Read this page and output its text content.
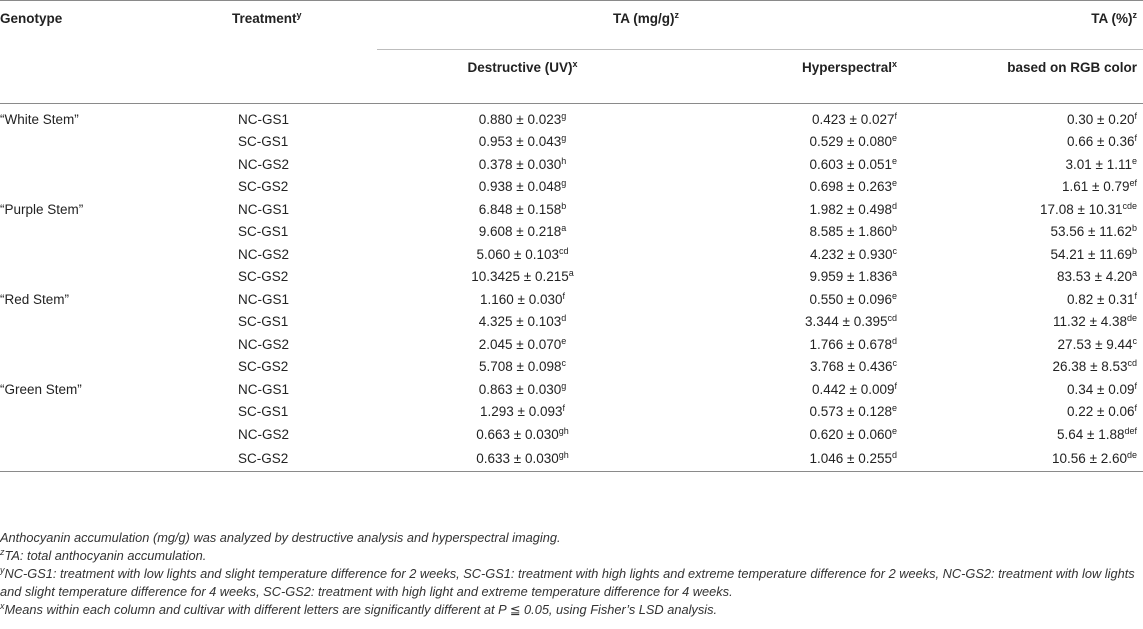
Genotype	Treatment$^y$	TA $(mg/g)^z$		TA (%)$^z$
		Destructive (UV)$^x$	Hyperspectral$^x$	based on RGB color
“White Stem”	NC-GS1	0.880 ± 0.023$^g$	0.423 ± 0.027$^f$	0.30 ± 0.20$^f$
	SC-GS1	0.953 ± 0.043$^g$	0.529 ± 0.080$^e$	0.66 ± 0.36$^f$
	NC-GS2	0.378 ± 0.030$^h$	0.603 ± 0.051$^e$	3.01 ± 1.11$^e$
	SC-GS2	0.938 ± 0.048$^g$	0.698 ± 0.263$^e$	1.61 ± 0.79$^{ef}$
“Purple Stem”	NC-GS1	6.848 ± 0.158$^b$	1.982 ± 0.498$^d$	17.08 ± 10.31$^{cde}$
	SC-GS1	9.608 ± 0.218$^a$	8.585 ± 1.860$^b$	53.56 ± 11.62$^b$
	NC-GS2	5.060 ± 0.103$^{cd}$	4.232 ± 0.930$^c$	54.21 ± 11.69$^b$
	SC-GS2	10.3425 ± 0.215$^a$	9.959 ± 1.836$^a$	83.53 ± 4.20$^a$
“Red Stem”	NC-GS1	1.160 ± 0.030$^f$	0.550 ± 0.096$^e$	0.82 ± 0.31$^f$
	SC-GS1	4.325 ± 0.103$^d$	3.344 ± 0.395$^{cd}$	11.32 ± 4.38de
	NC-GS2	2.045 ± 0.070$^e$	1.766 ± 0.678$^d$	27.53 ± 9.44$^c$
	SC-GS2	5.708 ± 0.098$^c$	3.768 ± 0.436$^c$	26.38 ± 8.53$^{cd}$
“Green Stem”	NC-GS1	0.863 ± 0.030$^g$	0.442 ± 0.009$^f$	0.34 ± 0.09$^f$
	SC-GS1	1.293 ± 0.093$^f$	0.573 ± 0.128$^e$	0.22 ± 0.06$^f$
	NC-GS2	0.663 ± 0.030$^{gh}$	0.620 ± 0.060$^e$	5.64 ± 1.88$^{def}$
	SC-GS2	0.633 ± 0.030$^{gh}$	1.046 ± 0.255$^d$	10.56 ± 2.60de

Anthocyanin accumulation (mg/g) was analyzed by destructive analysis and hyperspectral imaging.

$^z$TA: total anthocyanin accumulation.

$^y$NC-GS1: treatment with low lights and slight temperature difference for 2 weeks, SC-GS1: treatment with high lights and extreme temperature difference for 2 weeks, NC-GS2: treatment with low lights and slight temperature difference for 4 weeks, SC-GS2: treatment with high light and extreme temperature difference for 4 weeks.

$^x$Means within each column and cultivar with different letters are significantly different at P ≦ 0.05, using Fisher’s LSD analysis.
